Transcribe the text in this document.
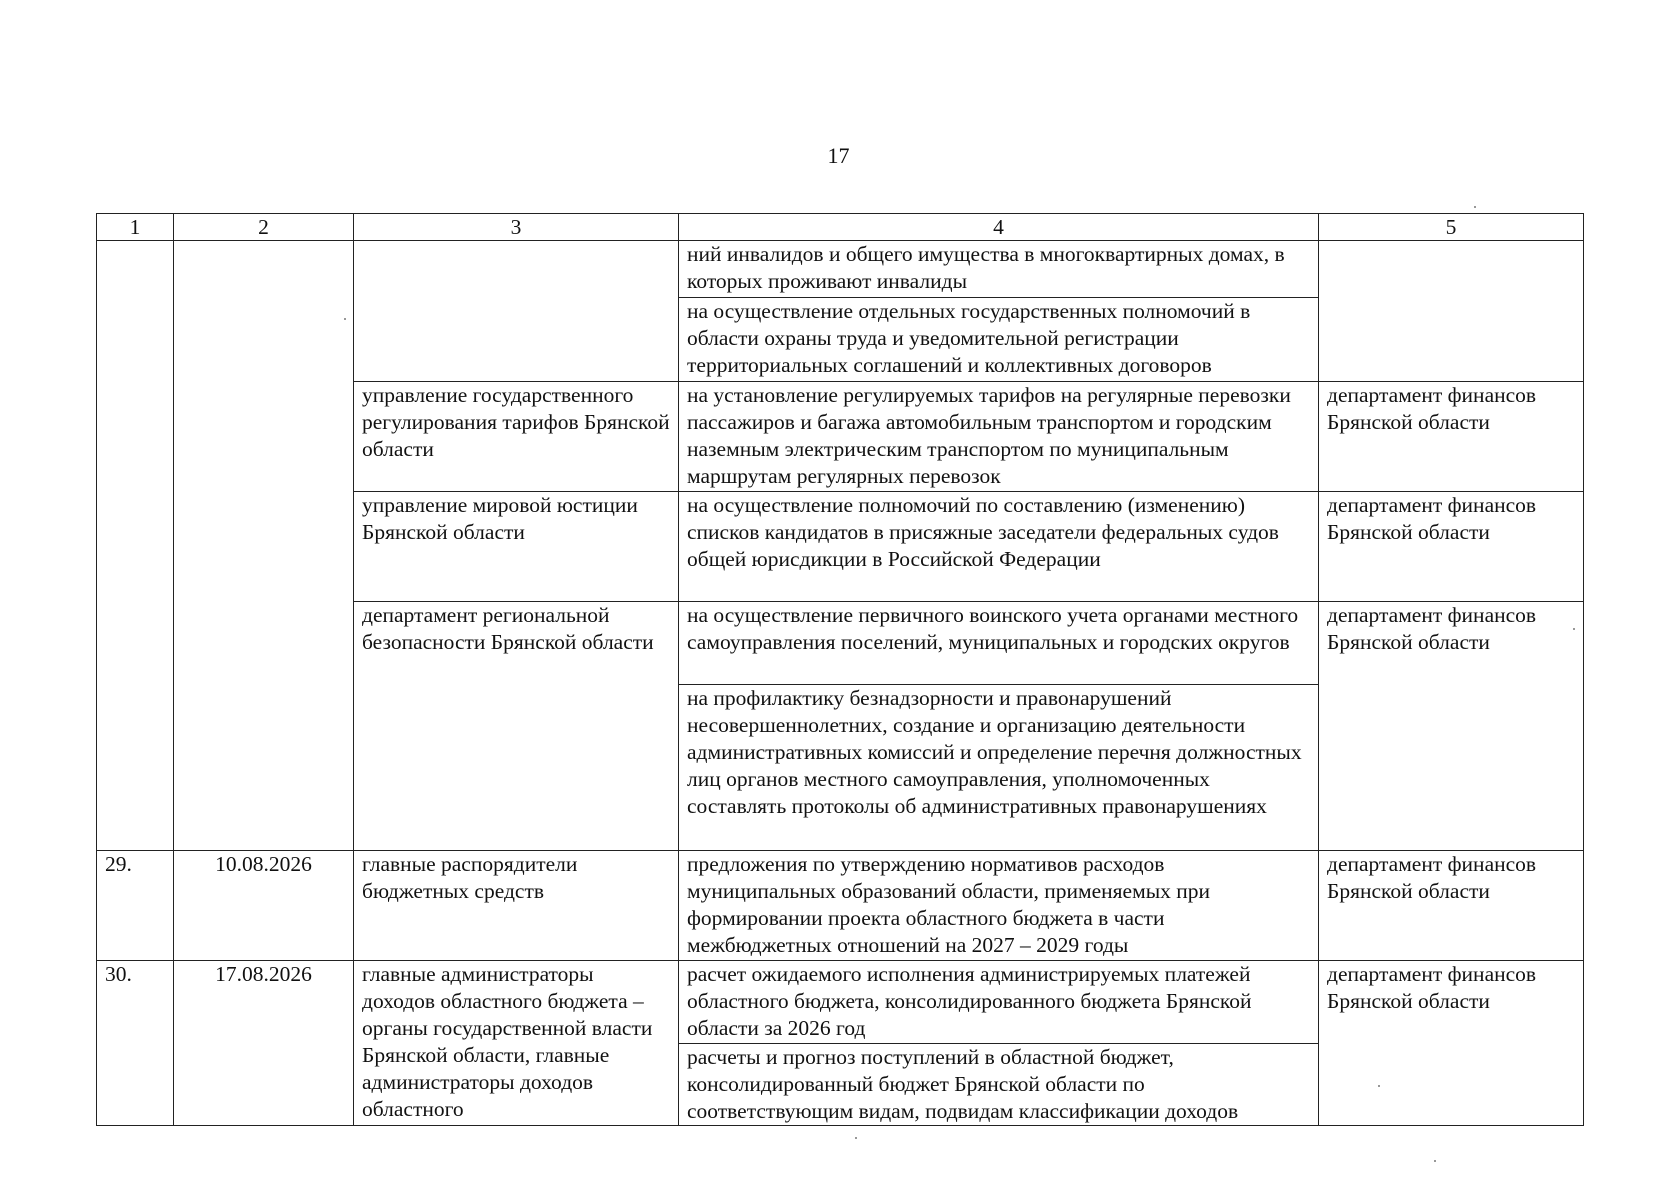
17
1	2	3	4	5
			ний инвалидов и общего имущества в многоквартирных домах, в которых проживают инвалиды	
			на осуществление отдельных государственных полномочий в области охраны труда и уведомительной регистрации территориальных соглашений и коллективных договоров	
		управление государственного регулирования тарифов Брянской области	на установление регулируемых тарифов на регулярные перевозки пассажиров и багажа автомобильным транспортом и городским наземным электрическим транспортом по муниципальным маршрутам регулярных перевозок	департамент финансов Брянской области
		управление мировой юстиции Брянской области	на осуществление полномочий по составлению (изменению) списков кандидатов в присяжные заседатели федеральных судов общей юрисдикции в Российской Федерации	департамент финансов Брянской области
		департамент региональной безопасности Брянской области	на осуществление первичного воинского учета органами местного самоуправления поселений, муниципальных и городских округов	департамент финансов Брянской области
			на профилактику безнадзорности и правонарушений несовершеннолетних, создание и организацию деятельности административных комиссий и определение перечня должностных лиц органов местного самоуправления, уполномоченных составлять протоколы об административных правонарушениях	

29.	10.08.2026	главные распорядители бюджетных средств	предложения по утверждению нормативов расходов муниципальных образований области, применяемых при формировании проекта областного бюджета в части межбюджетных отношений на 2027 – 2029 годы	департамент финансов Брянской области
30.	17.08.2026	главные администраторы доходов областного бюджета – органы государственной власти Брянской области, главные администраторы доходов областного	расчет ожидаемого исполнения администрируемых платежей областного бюджета, консолидированного бюджета Брянской области за 2026 год	департамент финансов Брянской области
			расчеты и прогноз поступлений в областной бюджет, консолидированный бюджет Брянской области по соответствующим видам, подвидам классификации доходов	
